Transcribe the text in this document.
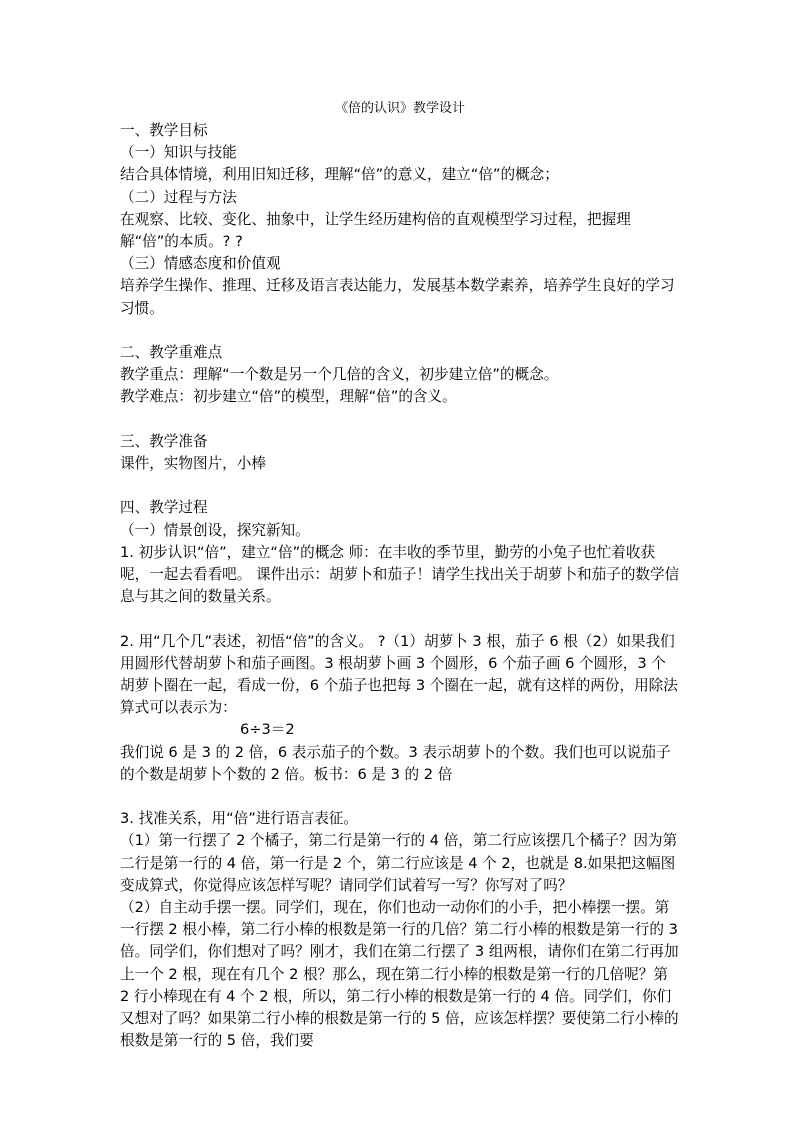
《倍的认识》教学设计

一、教学目标

（一）知识与技能

结合具体情境，利用旧知迁移，理解“倍”的意义，建立“倍”的概念；

（二）过程与方法

在观察、比较、变化、抽象中，让学生经历建构倍的直观模型学习过程，把握理解“倍”的本质。? ?

（三）情感态度和价值观

培养学生操作、推理、迁移及语言表达能力，发展基本数学素养，培养学生良好的学习习惯。

二、教学重难点

教学重点：理解“一个数是另一个几倍的含义，初步建立倍”的概念。

教学难点：初步建立“倍”的模型，理解“倍”的含义。

三、教学准备

课件，实物图片，小棒

四、教学过程

（一）情景创设，探究新知。

1. 初步认识“倍”，建立“倍”的概念 师：在丰收的季节里，勤劳的小兔子也忙着收获呢，一起去看看吧。 课件出示：胡萝卜和茄子！请学生找出关于胡萝卜和茄子的数学信息与其之间的数量关系。

2. 用“几个几”表述，初悟“倍”的含义。 ?（1）胡萝卜 3 根，茄子 6 根（2）如果我们用圆形代替胡萝卜和茄子画图。3 根胡萝卜画 3 个圆形，6 个茄子画 6 个圆形，3 个胡萝卜圈在一起，看成一份，6 个茄子也把每 3 个圈在一起，就有这样的两份，用除法算式可以表示为：

6÷3＝2

我们说 6 是 3 的 2 倍，6 表示茄子的个数。3 表示胡萝卜的个数。我们也可以说茄子的个数是胡萝卜个数的 2 倍。板书：6 是 3 的 2 倍

3. 找准关系，用“倍”进行语言表征。

（1）第一行摆了 2 个橘子，第二行是第一行的 4 倍，第二行应该摆几个橘子？因为第二行是第一行的 4 倍，第一行是 2 个，第二行应该是 4 个 2，也就是 8.如果把这幅图变成算式，你觉得应该怎样写呢？请同学们试着写一写？你写对了吗？

（2）自主动手摆一摆。同学们，现在，你们也动一动你们的小手，把小棒摆一摆。第一行摆 2 根小棒，第二行小棒的根数是第一行的几倍？第二行小棒的根数是第一行的 3 倍。同学们，你们想对了吗？刚才，我们在第二行摆了 3 组两根，请你们在第二行再加上一个 2 根，现在有几个 2 根？那么，现在第二行小棒的根数是第一行的几倍呢？第 2 行小棒现在有 4 个 2 根，所以，第二行小棒的根数是第一行的 4 倍。同学们，你们又想对了吗？如果第二行小棒的根数是第一行的 5 倍，应该怎样摆？要使第二行小棒的根数是第一行的 5 倍，我们要
